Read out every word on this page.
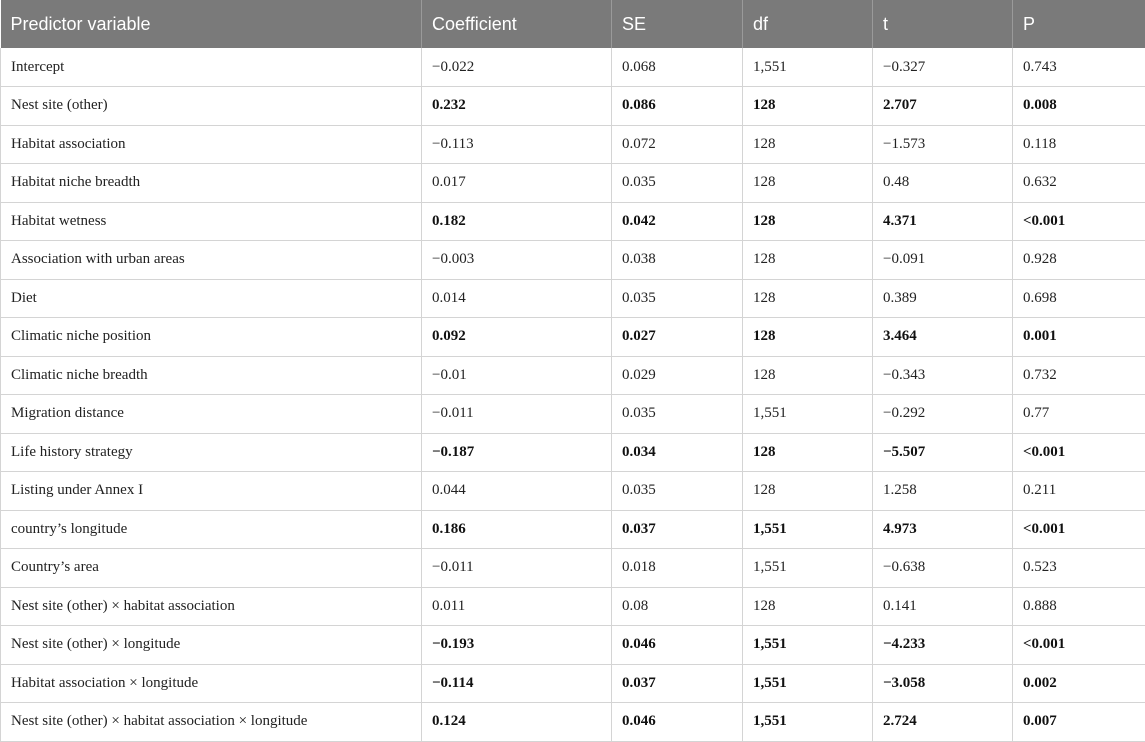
Predictor variable	Coefficient	SE	df	t	P
Intercept	−0.022	0.068	1,551	−0.327	0.743
Nest site (other)	0.232	0.086	128	2.707	0.008
Habitat association	−0.113	0.072	128	−1.573	0.118
Habitat niche breadth	0.017	0.035	128	0.48	0.632
Habitat wetness	0.182	0.042	128	4.371	<0.001
Association with urban areas	−0.003	0.038	128	−0.091	0.928
Diet	0.014	0.035	128	0.389	0.698
Climatic niche position	0.092	0.027	128	3.464	0.001
Climatic niche breadth	−0.01	0.029	128	−0.343	0.732
Migration distance	−0.011	0.035	1,551	−0.292	0.77
Life history strategy	−0.187	0.034	128	−5.507	<0.001
Listing under Annex I	0.044	0.035	128	1.258	0.211
country’s longitude	0.186	0.037	1,551	4.973	<0.001
Country’s area	−0.011	0.018	1,551	−0.638	0.523
Nest site (other) × habitat association	0.011	0.08	128	0.141	0.888
Nest site (other) × longitude	−0.193	0.046	1,551	−4.233	<0.001
Habitat association × longitude	−0.114	0.037	1,551	−3.058	0.002
Nest site (other) × habitat association × longitude	0.124	0.046	1,551	2.724	0.007
